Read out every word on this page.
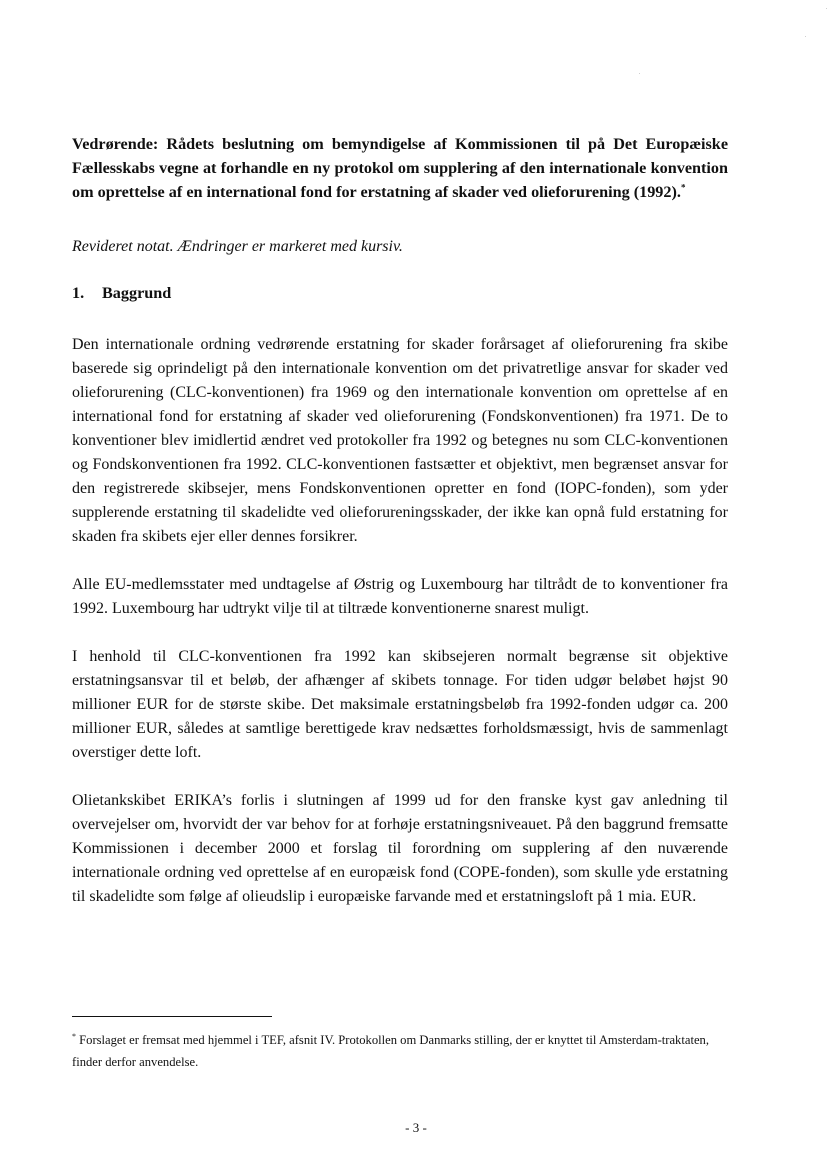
Vedrørende: Rådets beslutning om bemyndigelse af Kommissionen til på Det Europæiske Fællesskabs vegne at forhandle en ny protokol om supplering af den internationale konvention om oprettelse af en international fond for erstatning af skader ved olieforurening (1992).*

Revideret notat. Ændringer er markeret med kursiv.

1. Baggrund

Den internationale ordning vedrørende erstatning for skader forårsaget af olieforurening fra skibe baserede sig oprindeligt på den internationale konvention om det privatretlige ansvar for skader ved olieforurening (CLC-konventionen) fra 1969 og den internationale konvention om oprettelse af en international fond for erstatning af skader ved olieforurening (Fondskonventionen) fra 1971. De to konventioner blev imidlertid ændret ved protokoller fra 1992 og betegnes nu som CLC-konventionen og Fondskonventionen fra 1992. CLC-konventionen fastsætter et objektivt, men begrænset ansvar for den registrerede skibsejer, mens Fondskonventionen opretter en fond (IOPC-fonden), som yder supplerende erstatning til skadelidte ved olieforureningsskader, der ikke kan opnå fuld erstatning for skaden fra skibets ejer eller dennes forsikrer.

Alle EU-medlemsstater med undtagelse af Østrig og Luxembourg har tiltrådt de to konventioner fra 1992. Luxembourg har udtrykt vilje til at tiltræde konventionerne snarest muligt.

I henhold til CLC-konventionen fra 1992 kan skibsejeren normalt begrænse sit objektive erstatningsansvar til et beløb, der afhænger af skibets tonnage. For tiden udgør beløbet højst 90 millioner EUR for de største skibe. Det maksimale erstatningsbeløb fra 1992-fonden udgør ca. 200 millioner EUR, således at samtlige berettigede krav nedsættes forholdsmæssigt, hvis de sammenlagt overstiger dette loft.

Olietankskibet ERIKA’s forlis i slutningen af 1999 ud for den franske kyst gav anledning til overvejelser om, hvorvidt der var behov for at forhøje erstatningsniveauet. På den baggrund fremsatte Kommissionen i december 2000 et forslag til forordning om supplering af den nuværende internationale ordning ved oprettelse af en europæisk fond (COPE-fonden), som skulle yde erstatning til skadelidte som følge af olieudslip i europæiske farvande med et erstatningsloft på 1 mia. EUR.

* Forslaget er fremsat med hjemmel i TEF, afsnit IV. Protokollen om Danmarks stilling, der er knyttet til Amsterdam-traktaten, finder derfor anvendelse.

- 3 -
